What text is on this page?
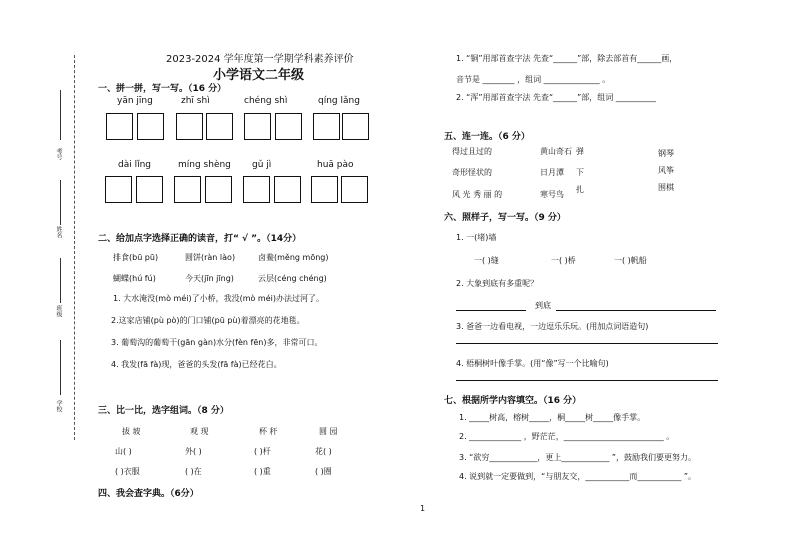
考号
姓名
班级
学校
2023-2024 学年度第一学期学科素养评价
小学语文二年级
一、拼一拼，写一写。（16 分）
yān jīng	zhī shì	chéng shì	qíng lǎng
dài lǐng	míng shèng gǔ jì	huā pào
二、给加点字选择正确的读音，打“ √ ”。（14分）
排食(bū pū)	圆饼(ràn lào)	卤鲞(měng mōng)
蝴蝶(hú fú)	今天(jīn jīng)	云层(céng chéng)
1. 大水淹没(mò méi)了小桥，我没(mò méi)办法过河了。
2.这家店铺(pù pò)的门口铺(pū pù)着漂亮的花地毯。
3. 葡萄沟的葡萄干(gān gàn)水分(fèn fēn)多，非常可口。
4. 我发(fā fà)现，爸爸的头发(fā fà)已经花白。
三、比一比，选字组词。（8 分）
拔 坡	观 现	杯 秆	圆 园
山( )	外( )	( )杆	花( )
( )衣服	( )在	( )重	( )圈
四、我会查字典。（6分）
1
1. “铜”用部首查字法 先查“______”部，除去部首有______画，
音节是 ________ ，组词 ______________ 。
2. “浑”用部首查字法 先查“______”部，组词 __________
五、连一连。（6 分）
得过且过的
奇形怪状的
风 光 秀 丽 的
黄山奇石
日月潭
寒号鸟
弹
下
扎
钢琴
风筝
围棋
六、照样子，写一写。（9 分）
1. 一(堵)墙
一( )缝	一( )桥	一( )帆船
2. 大象到底有多重呢？
到底
3. 爸爸一边看电视，一边逗乐乐玩。(用加点词语造句)
4. 梧桐树叶像手掌。(用“像”写一个比喻句)
七、根据所学内容填空。（16 分）
1. _____树高，榕树_____，桐_____树_____像手掌。
2. _____________ ，野茫茫，_________________________ 。
3. “欲穷____________，更上____________ ”，鼓励我们要更努力。
4. 说到就一定要做到，“与朋友交，___________而___________ ”。
